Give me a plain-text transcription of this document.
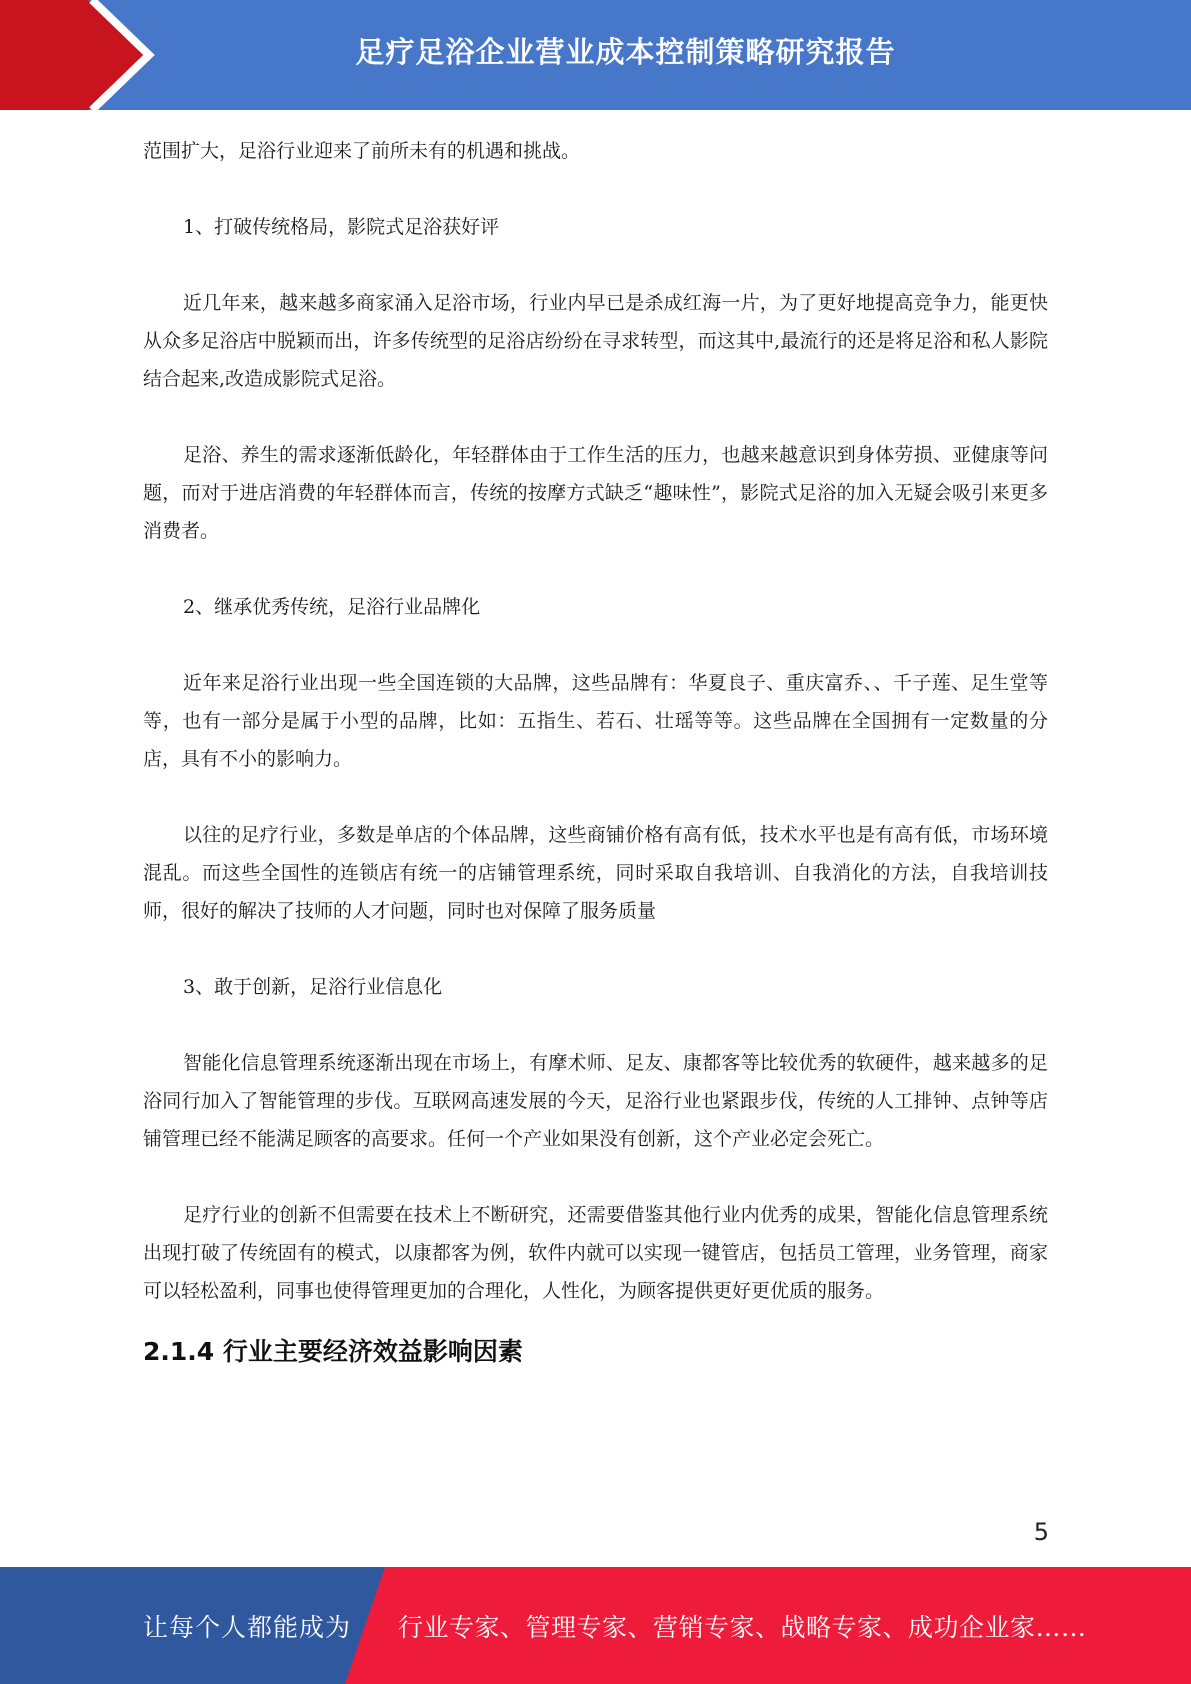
足疗足浴企业营业成本控制策略研究报告

范围扩大，足浴行业迎来了前所未有的机遇和挑战。

1、打破传统格局，影院式足浴获好评

近几年来，越来越多商家涌入足浴市场，行业内早已是杀成红海一片，为了更好地提高竞争力，能更快从众多足浴店中脱颖而出，许多传统型的足浴店纷纷在寻求转型，而这其中,最流行的还是将足浴和私人影院结合起来,改造成影院式足浴。

足浴、养生的需求逐渐低龄化，年轻群体由于工作生活的压力，也越来越意识到身体劳损、亚健康等问题，而对于进店消费的年轻群体而言，传统的按摩方式缺乏“趣味性”，影院式足浴的加入无疑会吸引来更多消费者。

2、继承优秀传统，足浴行业品牌化

近年来足浴行业出现一些全国连锁的大品牌，这些品牌有：华夏良子、重庆富乔、、千子莲、足生堂等等，也有一部分是属于小型的品牌，比如：五指生、若石、壮瑶等等。这些品牌在全国拥有一定数量的分店，具有不小的影响力。

以往的足疗行业，多数是单店的个体品牌，这些商铺价格有高有低，技术水平也是有高有低，市场环境混乱。而这些全国性的连锁店有统一的店铺管理系统，同时采取自我培训、自我消化的方法，自我培训技师，很好的解决了技师的人才问题，同时也对保障了服务质量

3、敢于创新，足浴行业信息化

智能化信息管理系统逐渐出现在市场上，有摩术师、足友、康都客等比较优秀的软硬件，越来越多的足浴同行加入了智能管理的步伐。互联网高速发展的今天，足浴行业也紧跟步伐，传统的人工排钟、点钟等店铺管理已经不能满足顾客的高要求。任何一个产业如果没有创新，这个产业必定会死亡。

足疗行业的创新不但需要在技术上不断研究，还需要借鉴其他行业内优秀的成果，智能化信息管理系统出现打破了传统固有的模式，以康都客为例，软件内就可以实现一键管店，包括员工管理，业务管理，商家可以轻松盈利，同事也使得管理更加的合理化，人性化，为顾客提供更好更优质的服务。

2.1.4 行业主要经济效益影响因素
5
让每个人都能成为 行业专家、管理专家、营销专家、战略专家、成功企业家……
